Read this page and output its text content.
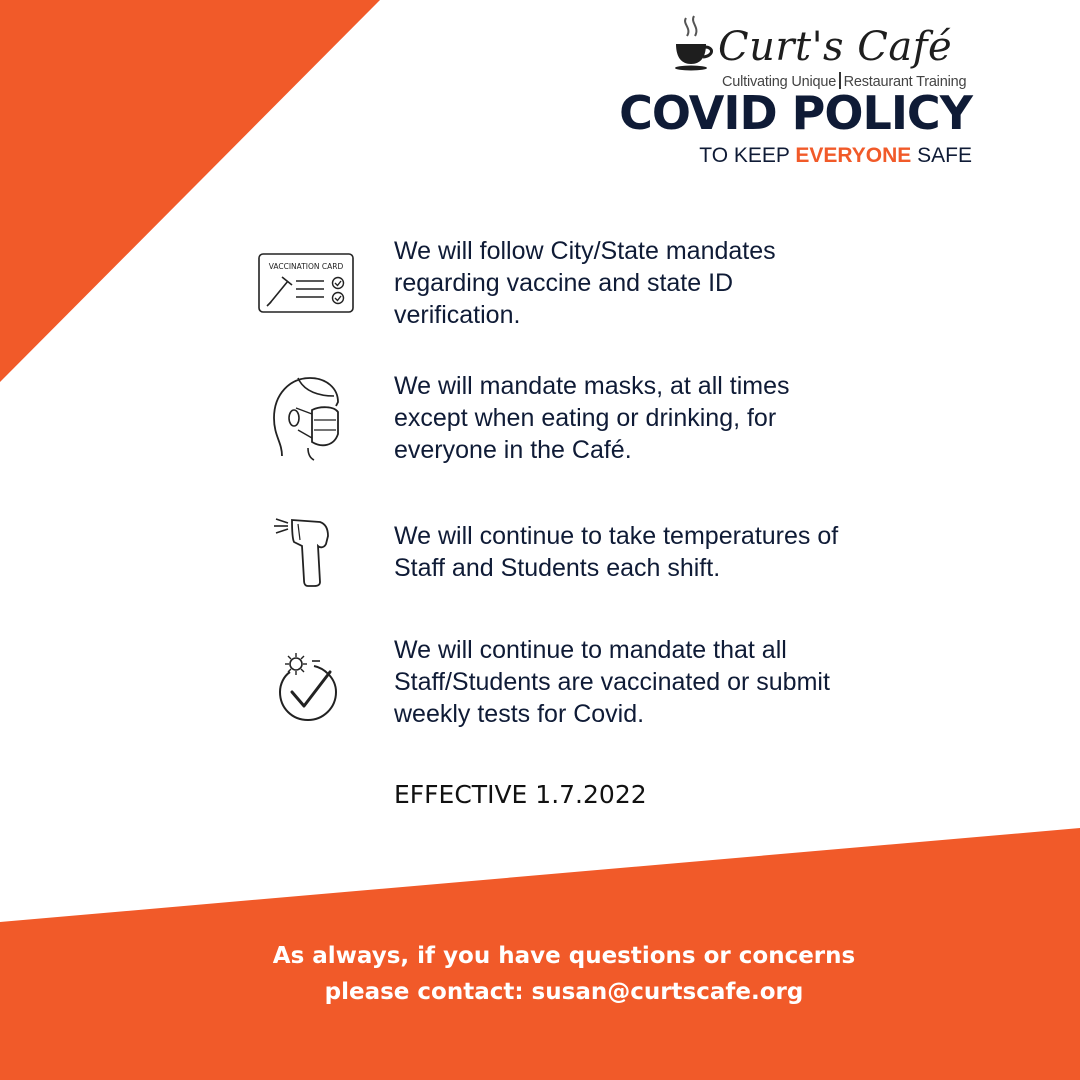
Curt's Café
Cultivating Unique Restaurant Training
COVID POLICY
TO KEEP EVERYONE SAFE
VACCINATION CARD
We will follow City/State mandates regarding vaccine and state ID verification.
We will mandate masks, at all times except when eating or drinking, for everyone in the Café.
We will continue to take temperatures of Staff and Students each shift.
We will continue to mandate that all Staff/Students are vaccinated or submit weekly tests for Covid.
EFFECTIVE 1.7.2022
As always, if you have questions or concerns
please contact: susan@curtscafe.org
